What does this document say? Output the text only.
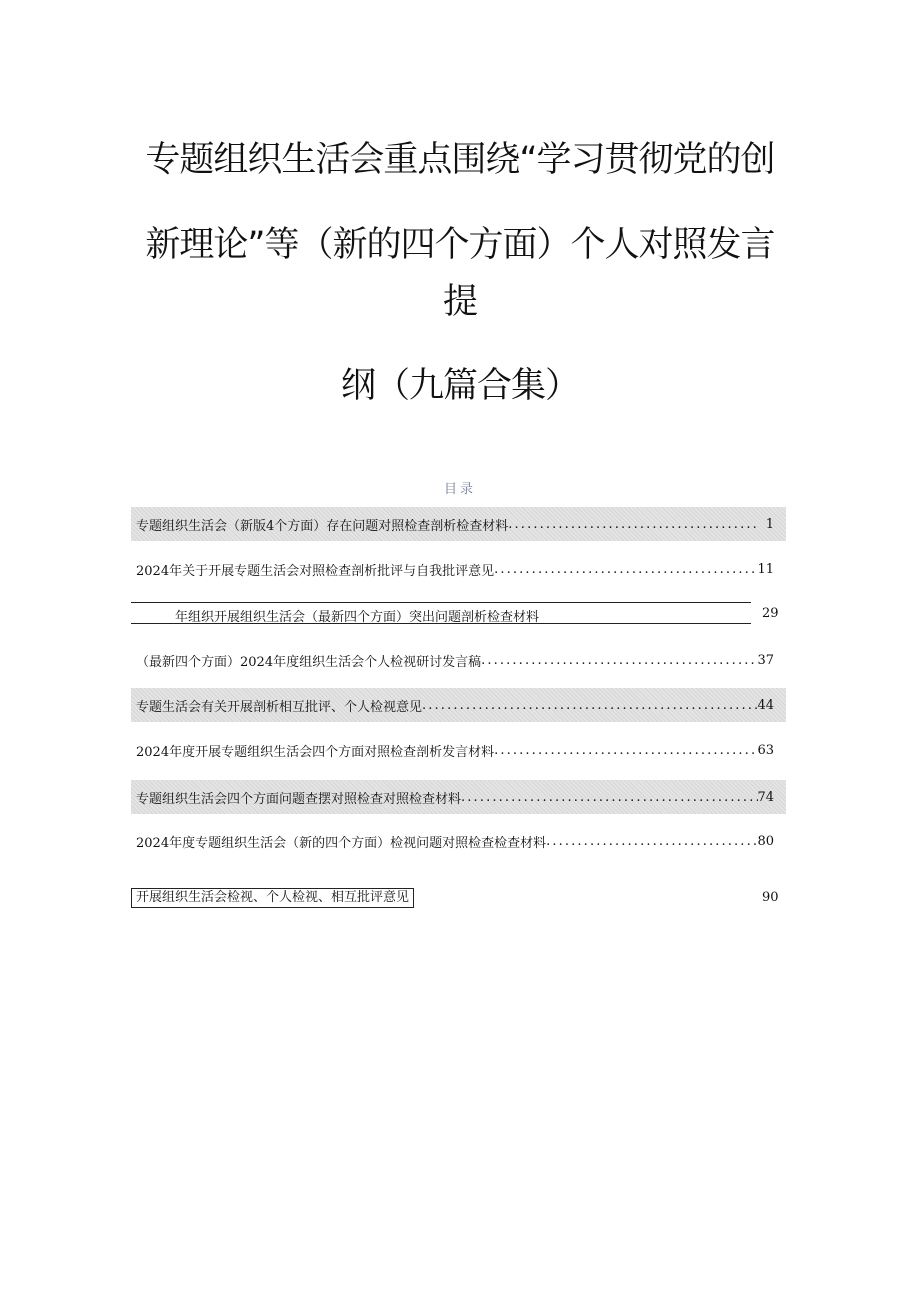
专题组织生活会重点围绕“学习贯彻党的创
新理论”等（新的四个方面）个人对照发言
提
纲（九篇合集）
目录
专题组织生活会（新版4个方面）存在问题对照检查剖析检查材料 . . .	1
2024年关于开展专题生活会对照检查剖析批评与自我批评意见 . . .	11
年组织开展组织生活会（最新四个方面）突出问题剖析检查材料	29
（最新四个方面）2024年度组织生活会个人检视研讨发言稿 . . .	37
专题生活会有关开展剖析相互批评、个人检视意见 . . .	44
2024年度开展专题组织生活会四个方面对照检查剖析发言材料 . . .	63
专题组织生活会四个方面问题查摆对照检查对照检查材料 . . .	74
2024年度专题组织生活会（新的四个方面）检视问题对照检查检查材料 . . .	80
开展组织生活会检视、个人检视、相互批评意见	90
